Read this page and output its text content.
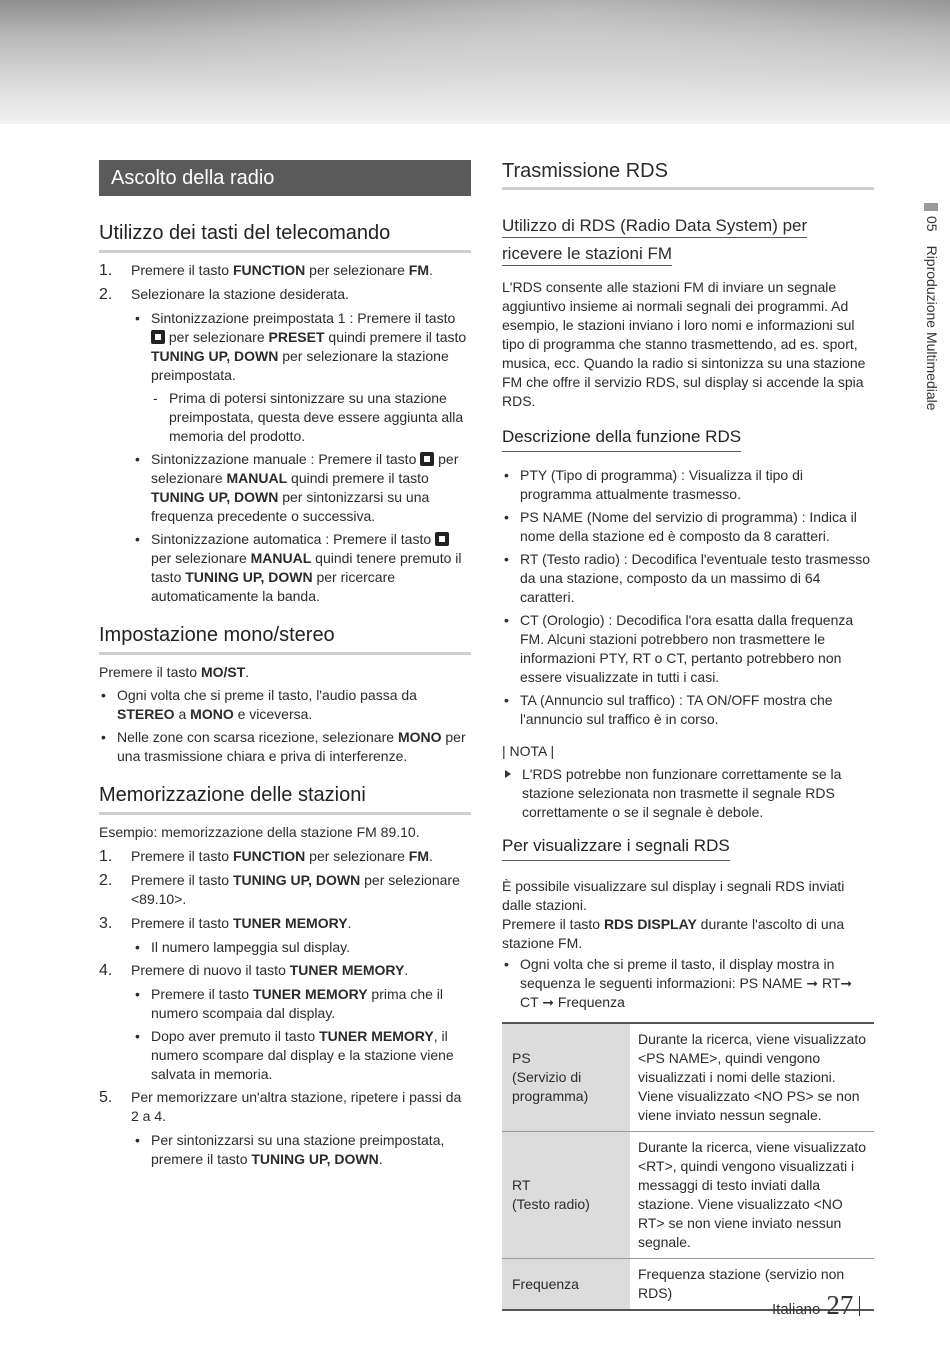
Ascolto della radio
Utilizzo dei tasti del telecomando
1. Premere il tasto FUNCTION per selezionare FM.
2. Selezionare la stazione desiderata.
• Sintonizzazione preimpostata 1 : Premere il tasto  per selezionare PRESET quindi premere il tasto TUNING UP, DOWN per selezionare la stazione preimpostata.
- Prima di potersi sintonizzare su una stazione preimpostata, questa deve essere aggiunta alla memoria del prodotto.
• Sintonizzazione manuale : Premere il tasto  per selezionare MANUAL quindi premere il tasto TUNING UP, DOWN per sintonizzarsi su una frequenza precedente o successiva.
• Sintonizzazione automatica : Premere il tasto  per selezionare MANUAL quindi tenere premuto il tasto TUNING UP, DOWN per ricercare automaticamente la banda.
Impostazione mono/stereo

Premere il tasto MO/ST.

• Ogni volta che si preme il tasto, l'audio passa da STEREO a MONO e viceversa.
• Nelle zone con scarsa ricezione, selezionare MONO per una trasmissione chiara e priva di interferenze.
Memorizzazione delle stazioni

Esempio: memorizzazione della stazione FM 89.10.

1. Premere il tasto FUNCTION per selezionare FM.
2. Premere il tasto TUNING UP, DOWN per selezionare <89.10>.
3. Premere il tasto TUNER MEMORY.
• Il numero lampeggia sul display.
4. Premere di nuovo il tasto TUNER MEMORY.
• Premere il tasto TUNER MEMORY prima che il numero scompaia dal display.
• Dopo aver premuto il tasto TUNER MEMORY, il numero scompare dal display e la stazione viene salvata in memoria.
5. Per memorizzare un'altra stazione, ripetere i passi da 2 a 4.
• Per sintonizzarsi su una stazione preimpostata, premere il tasto TUNING UP, DOWN.
Trasmissione RDS
Utilizzo di RDS (Radio Data System) per
ricevere le stazioni FM

L'RDS consente alle stazioni FM di inviare un segnale aggiuntivo insieme ai normali segnali dei programmi. Ad esempio, le stazioni inviano i loro nomi e informazioni sul tipo di programma che stanno trasmettendo, ad es. sport, musica, ecc. Quando la radio si sintonizza su una stazione FM che offre il servizio RDS, sul display si accende la spia RDS.

Descrizione della funzione RDS
• PTY (Tipo di programma) : Visualizza il tipo di programma attualmente trasmesso.
• PS NAME (Nome del servizio di programma) : Indica il nome della stazione ed è composto da 8 caratteri.
• RT (Testo radio) : Decodifica l'eventuale testo trasmesso da una stazione, composto da un massimo di 64 caratteri.
• CT (Orologio) : Decodifica l'ora esatta dalla frequenza FM. Alcuni stazioni potrebbero non trasmettere le informazioni PTY, RT o CT, pertanto potrebbero non essere visualizzate in tutti i casi.
• TA (Annuncio sul traffico) : TA ON/OFF mostra che l'annuncio sul traffico è in corso.
| NOTA |
L'RDS potrebbe non funzionare correttamente se la stazione selezionata non trasmette il segnale RDS correttamente o se il segnale è debole.
Per visualizzare i segnali RDS

È possibile visualizzare sul display i segnali RDS inviati dalle stazioni.

Premere il tasto RDS DISPLAY durante l'ascolto di una stazione FM.

• Ogni volta che si preme il tasto, il display mostra in sequenza le seguenti informazioni: PS NAME ➞ RT➞ CT ➞ Frequenza
PS
(Servizio di programma)	Durante la ricerca, viene visualizzato <PS NAME>, quindi vengono visualizzati i nomi delle stazioni. Viene visualizzato <NO PS> se non viene inviato nessun segnale.
RT
(Testo radio)	Durante la ricerca, viene visualizzato <RT>, quindi vengono visualizzati i messaggi di testo inviati dalla stazione. Viene visualizzato <NO RT> se non viene inviato nessun segnale.
Frequenza	Frequenza stazione (servizio non RDS)
05Riproduzione Multimediale
Italiano 27
